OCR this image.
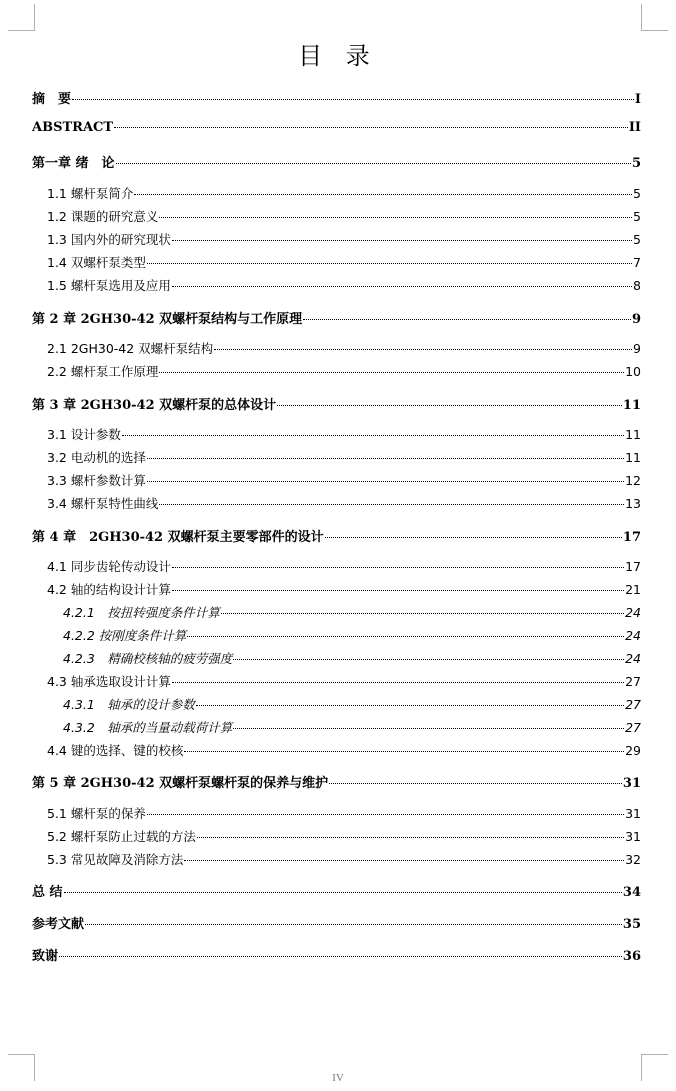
目 录
摘　要	I
ABSTRACT	II
第一章 绪　论	5
1.1 螺杆泵简介	5
1.2 课题的研究意义	5
1.3 国内外的研究现状	5
1.4 双螺杆泵类型	7
1.5 螺杆泵选用及应用	8
第 2 章 2GH30-42 双螺杆泵结构与工作原理	9
2.1 2GH30-42 双螺杆泵结构	9
2.2 螺杆泵工作原理	10
第 3 章 2GH30-42 双螺杆泵的总体设计	11
3.1 设计参数	11
3.2 电动机的选择	11
3.3 螺杆参数计算	12
3.4 螺杆泵特性曲线	13
第 4 章　2GH30-42 双螺杆泵主要零部件的设计	17
4.1 同步齿轮传动设计	17
4.2 轴的结构设计计算	21
4.2.1　按扭转强度条件计算	24
4.2.2 按刚度条件计算	24
4.2.3　精确校核轴的疲劳强度	24
4.3 轴承选取设计计算	27
4.3.1　轴承的设计参数	27
4.3.2　轴承的当量动载荷计算	27
4.4 键的选择、键的校核	29
第 5 章 2GH30-42 双螺杆泵螺杆泵的保养与维护	31
5.1 螺杆泵的保养	31
5.2 螺杆泵防止过载的方法	31
5.3 常见故障及消除方法	32
总 结	34
参考文献	35
致谢	36
IV
